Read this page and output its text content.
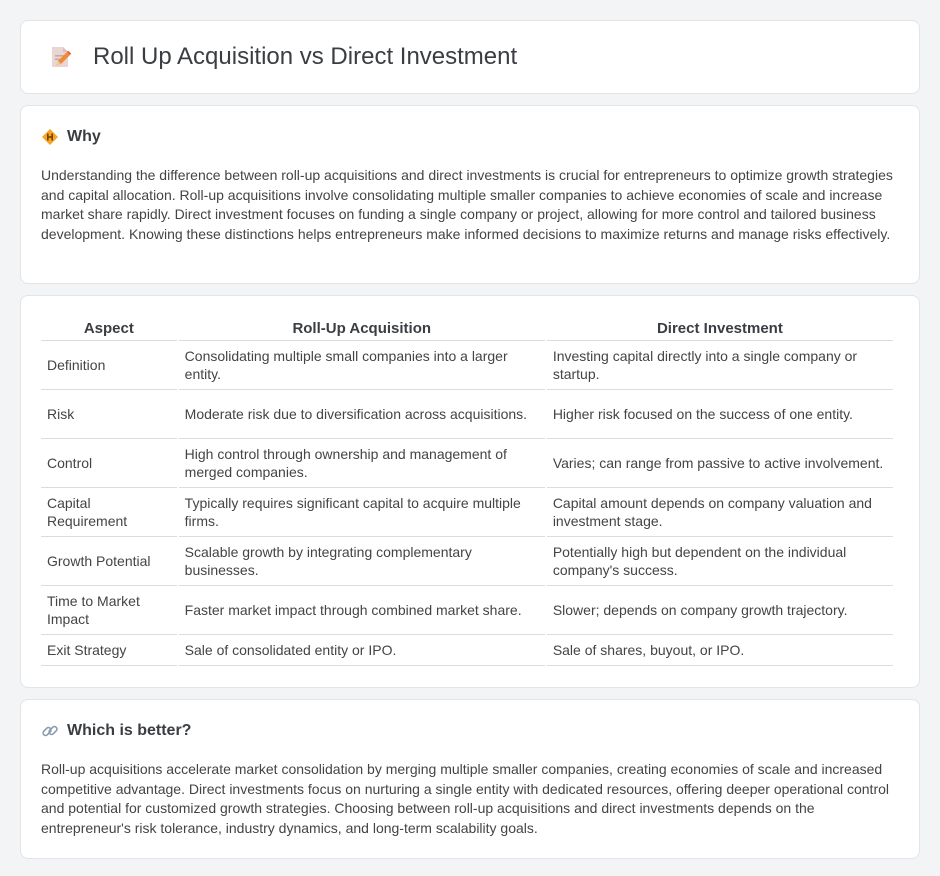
Roll Up Acquisition vs Direct Investment
Why

Understanding the difference between roll-up acquisitions and direct investments is crucial for entrepreneurs to optimize growth strategies and capital allocation. Roll-up acquisitions involve consolidating multiple smaller companies to achieve economies of scale and increase market share rapidly. Direct investment focuses on funding a single company or project, allowing for more control and tailored business development. Knowing these distinctions helps entrepreneurs make informed decisions to maximize returns and manage risks effectively.

Aspect	Roll-Up Acquisition	Direct Investment
Definition	Consolidating multiple small companies into a larger entity.	Investing capital directly into a single company or startup.
Risk	Moderate risk due to diversification across acquisitions.	Higher risk focused on the success of one entity.
Control	High control through ownership and management of merged companies.	Varies; can range from passive to active involvement.
Capital Requirement	Typically requires significant capital to acquire multiple firms.	Capital amount depends on company valuation and investment stage.
Growth Potential	Scalable growth by integrating complementary businesses.	Potentially high but dependent on the individual company's success.
Time to Market Impact	Faster market impact through combined market share.	Slower; depends on company growth trajectory.
Exit Strategy	Sale of consolidated entity or IPO.	Sale of shares, buyout, or IPO.
Which is better?

Roll-up acquisitions accelerate market consolidation by merging multiple smaller companies, creating economies of scale and increased competitive advantage. Direct investments focus on nurturing a single entity with dedicated resources, offering deeper operational control and potential for customized growth strategies. Choosing between roll-up acquisitions and direct investments depends on the entrepreneur's risk tolerance, industry dynamics, and long-term scalability goals.
